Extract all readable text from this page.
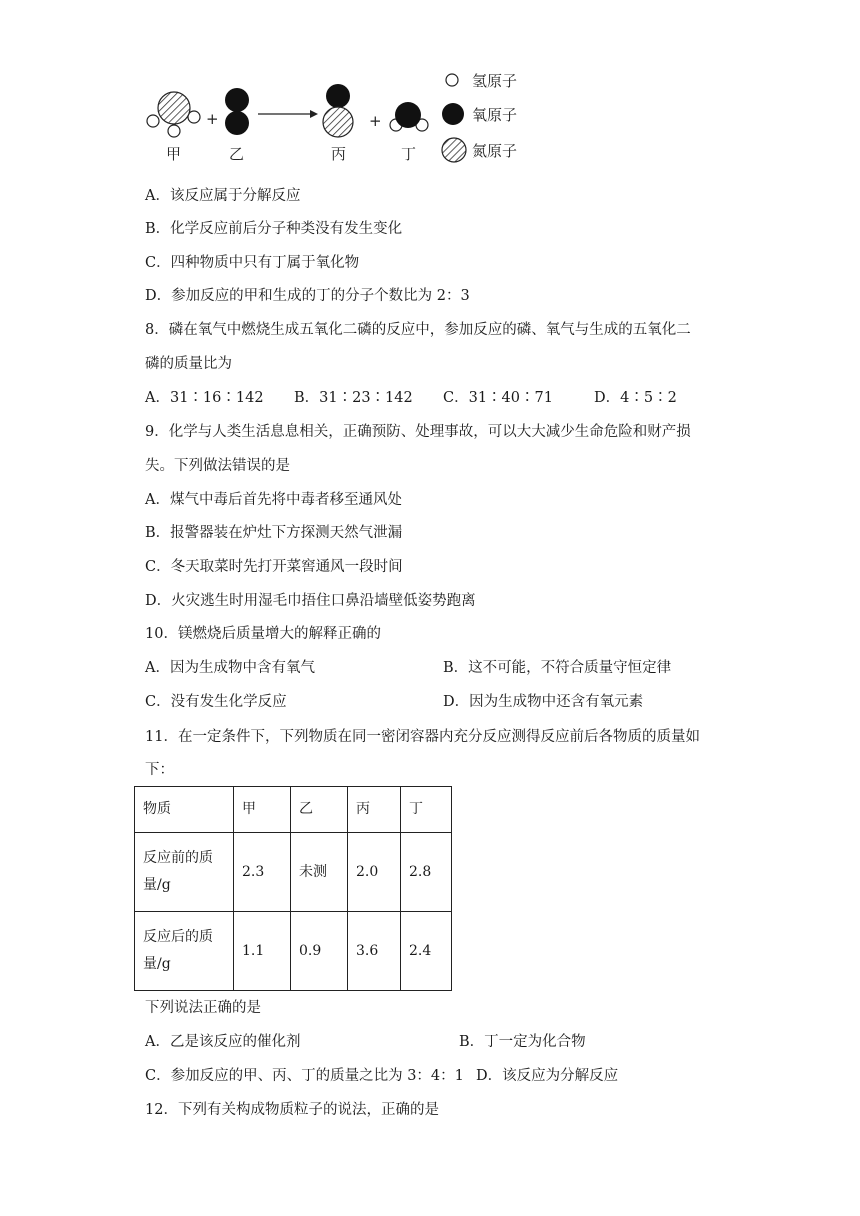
+	+
甲	乙	丙	丁
氢原子
氧原子
氮原子
A．该反应属于分解反应
B．化学反应前后分子种类没有发生变化
C．四种物质中只有丁属于氧化物
D．参加反应的甲和生成的丁的分子个数比为 2：3
8．磷在氧气中燃烧生成五氧化二磷的反应中，参加反应的磷、氧气与生成的五氧化二
磷的质量比为
A．31∶16∶142 B．31∶23∶142 C．31∶40∶71	D．4∶5∶2
9．化学与人类生活息息相关，正确预防、处理事故，可以大大减少生命危险和财产损
失。下列做法错误的是
A．煤气中毒后首先将中毒者移至通风处
B．报警器装在炉灶下方探测天然气泄漏
C．冬天取菜时先打开菜窖通风一段时间
D．火灾逃生时用湿毛巾捂住口鼻沿墙壁低姿势跑离
10．镁燃烧后质量增大的解释正确的
A．因为生成物中含有氧气	B．这不可能，不符合质量守恒定律
C．没有发生化学反应	D．因为生成物中还含有氧元素
11．在一定条件下，下列物质在同一密闭容器内充分反应测得反应前后各物质的质量如
下：
物质	甲	乙	丙	丁
反应前的质量/g	2.3	未测	2.0	2.8
反应后的质量/g	1.1	0.9	3.6	2.4
下列说法正确的是
A．乙是该反应的催化剂	B．丁一定为化合物
C．参加反应的甲、丙、丁的质量之比为 3：4：1 D．该反应为分解反应
12．下列有关构成物质粒子的说法，正确的是
